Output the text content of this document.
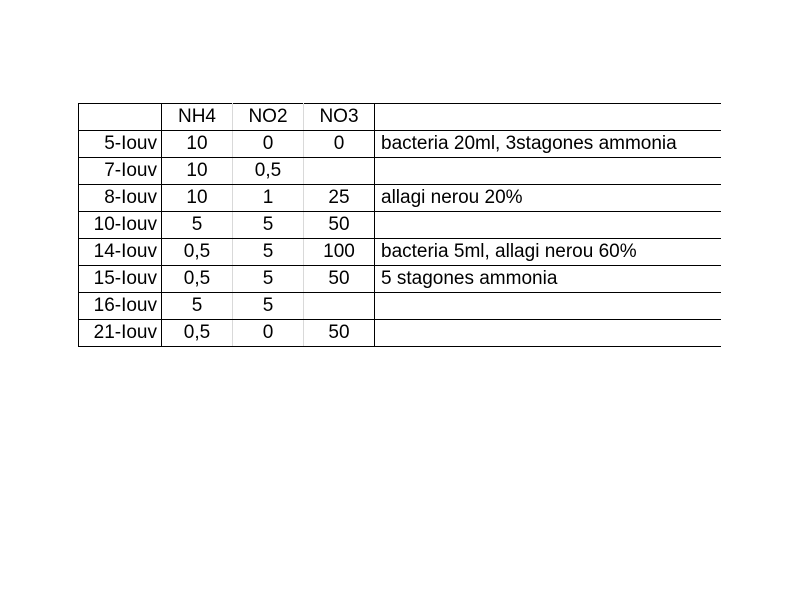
	NH4	NO2	NO3	
5-Iouv	10	0	0	bacteria 20ml, 3stagones ammonia
7-Iouv	10	0,5		
8-Iouv	10	1	25	allagi nerou 20%
10-Iouv	5	5	50	
14-Iouv	0,5	5	100	bacteria 5ml, allagi nerou 60%
15-Iouv	0,5	5	50	5 stagones ammonia
16-Iouv	5	5		
21-Iouv	0,5	0	50	
